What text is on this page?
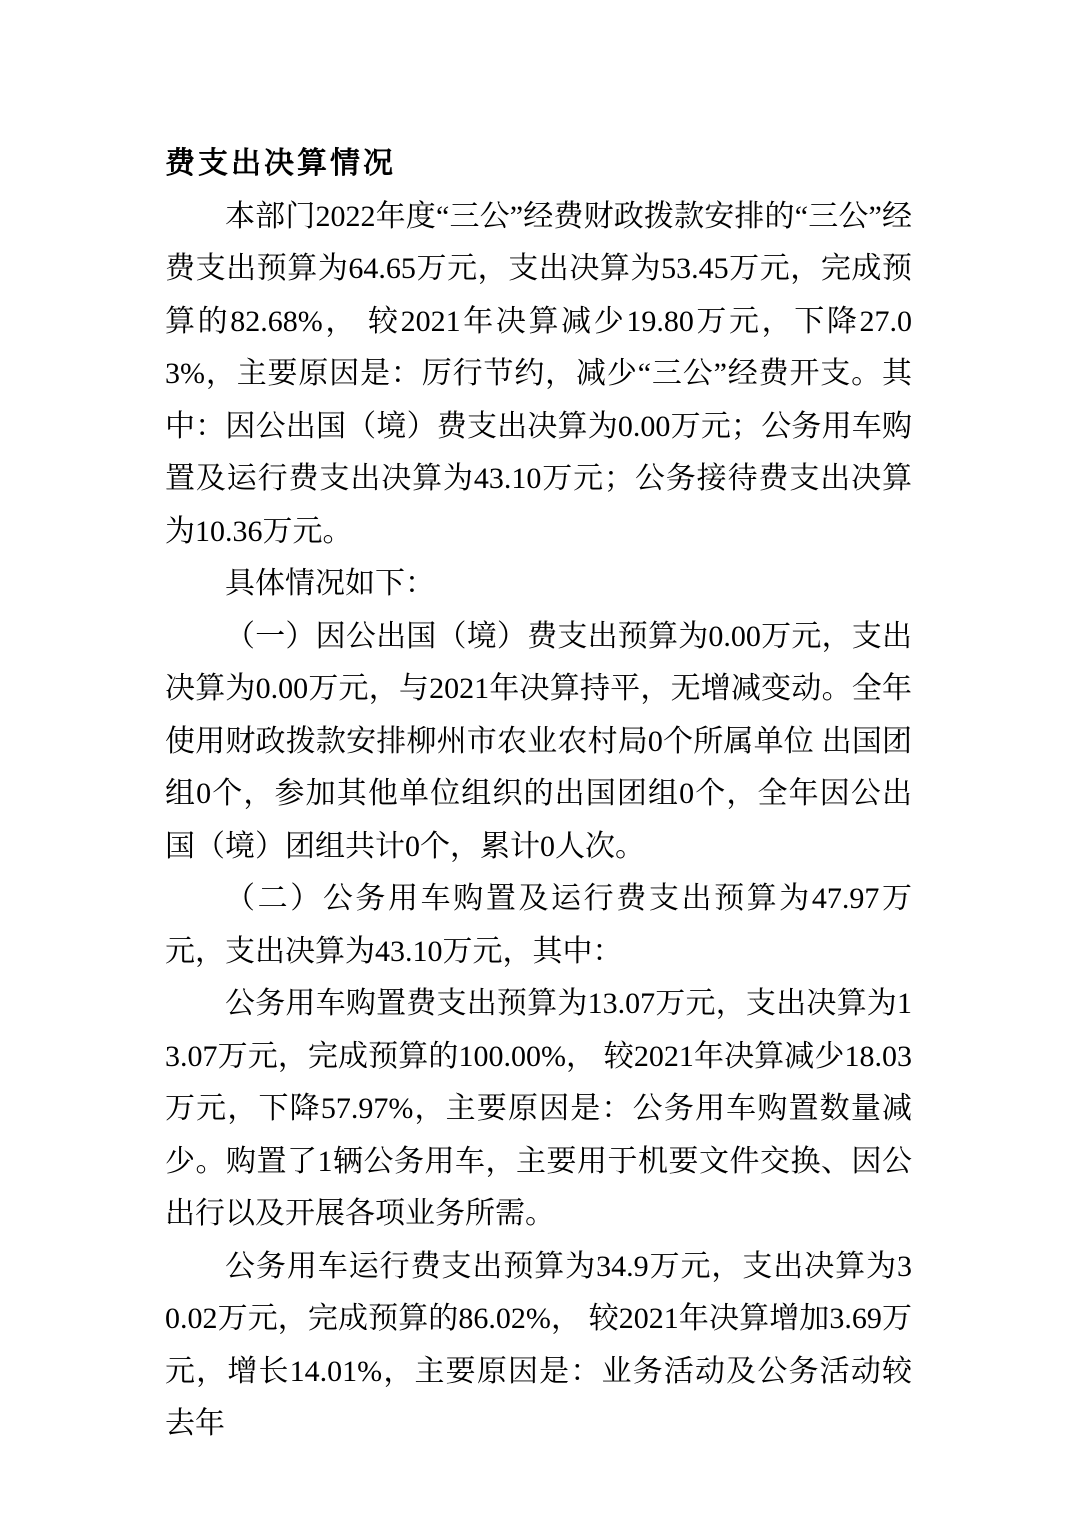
费支出决算情况

本部门2022年度“三公”经费财政拨款安排的“三公”经费支出预算为64.65万元，支出决算为53.45万元，完成预算的82.68%， 较2021年决算减少19.80万元，下降27.03%，主要原因是：厉行节约，减少“三公”经费开支。其中：因公出国（境）费支出决算为0.00万元；公务用车购置及运行费支出决算为43.10万元；公务接待费支出决算为10.36万元。

具体情况如下：

（一）因公出国（境）费支出预算为0.00万元，支出决算为0.00万元，与2021年决算持平，无增减变动。全年使用财政拨款安排柳州市农业农村局0个所属单位 出国团组0个，参加其他单位组织的出国团组0个，全年因公出国（境）团组共计0个，累计0人次。

（二）公务用车购置及运行费支出预算为47.97万元，支出决算为43.10万元，其中：

公务用车购置费支出预算为13.07万元，支出决算为13.07万元，完成预算的100.00%， 较2021年决算减少18.03万元，下降57.97%，主要原因是：公务用车购置数量减少。购置了1辆公务用车，主要用于机要文件交换、因公出行以及开展各项业务所需。

公务用车运行费支出预算为34.9万元，支出决算为30.02万元，完成预算的86.02%， 较2021年决算增加3.69万元，增长14.01%，主要原因是：业务活动及公务活动较去年
